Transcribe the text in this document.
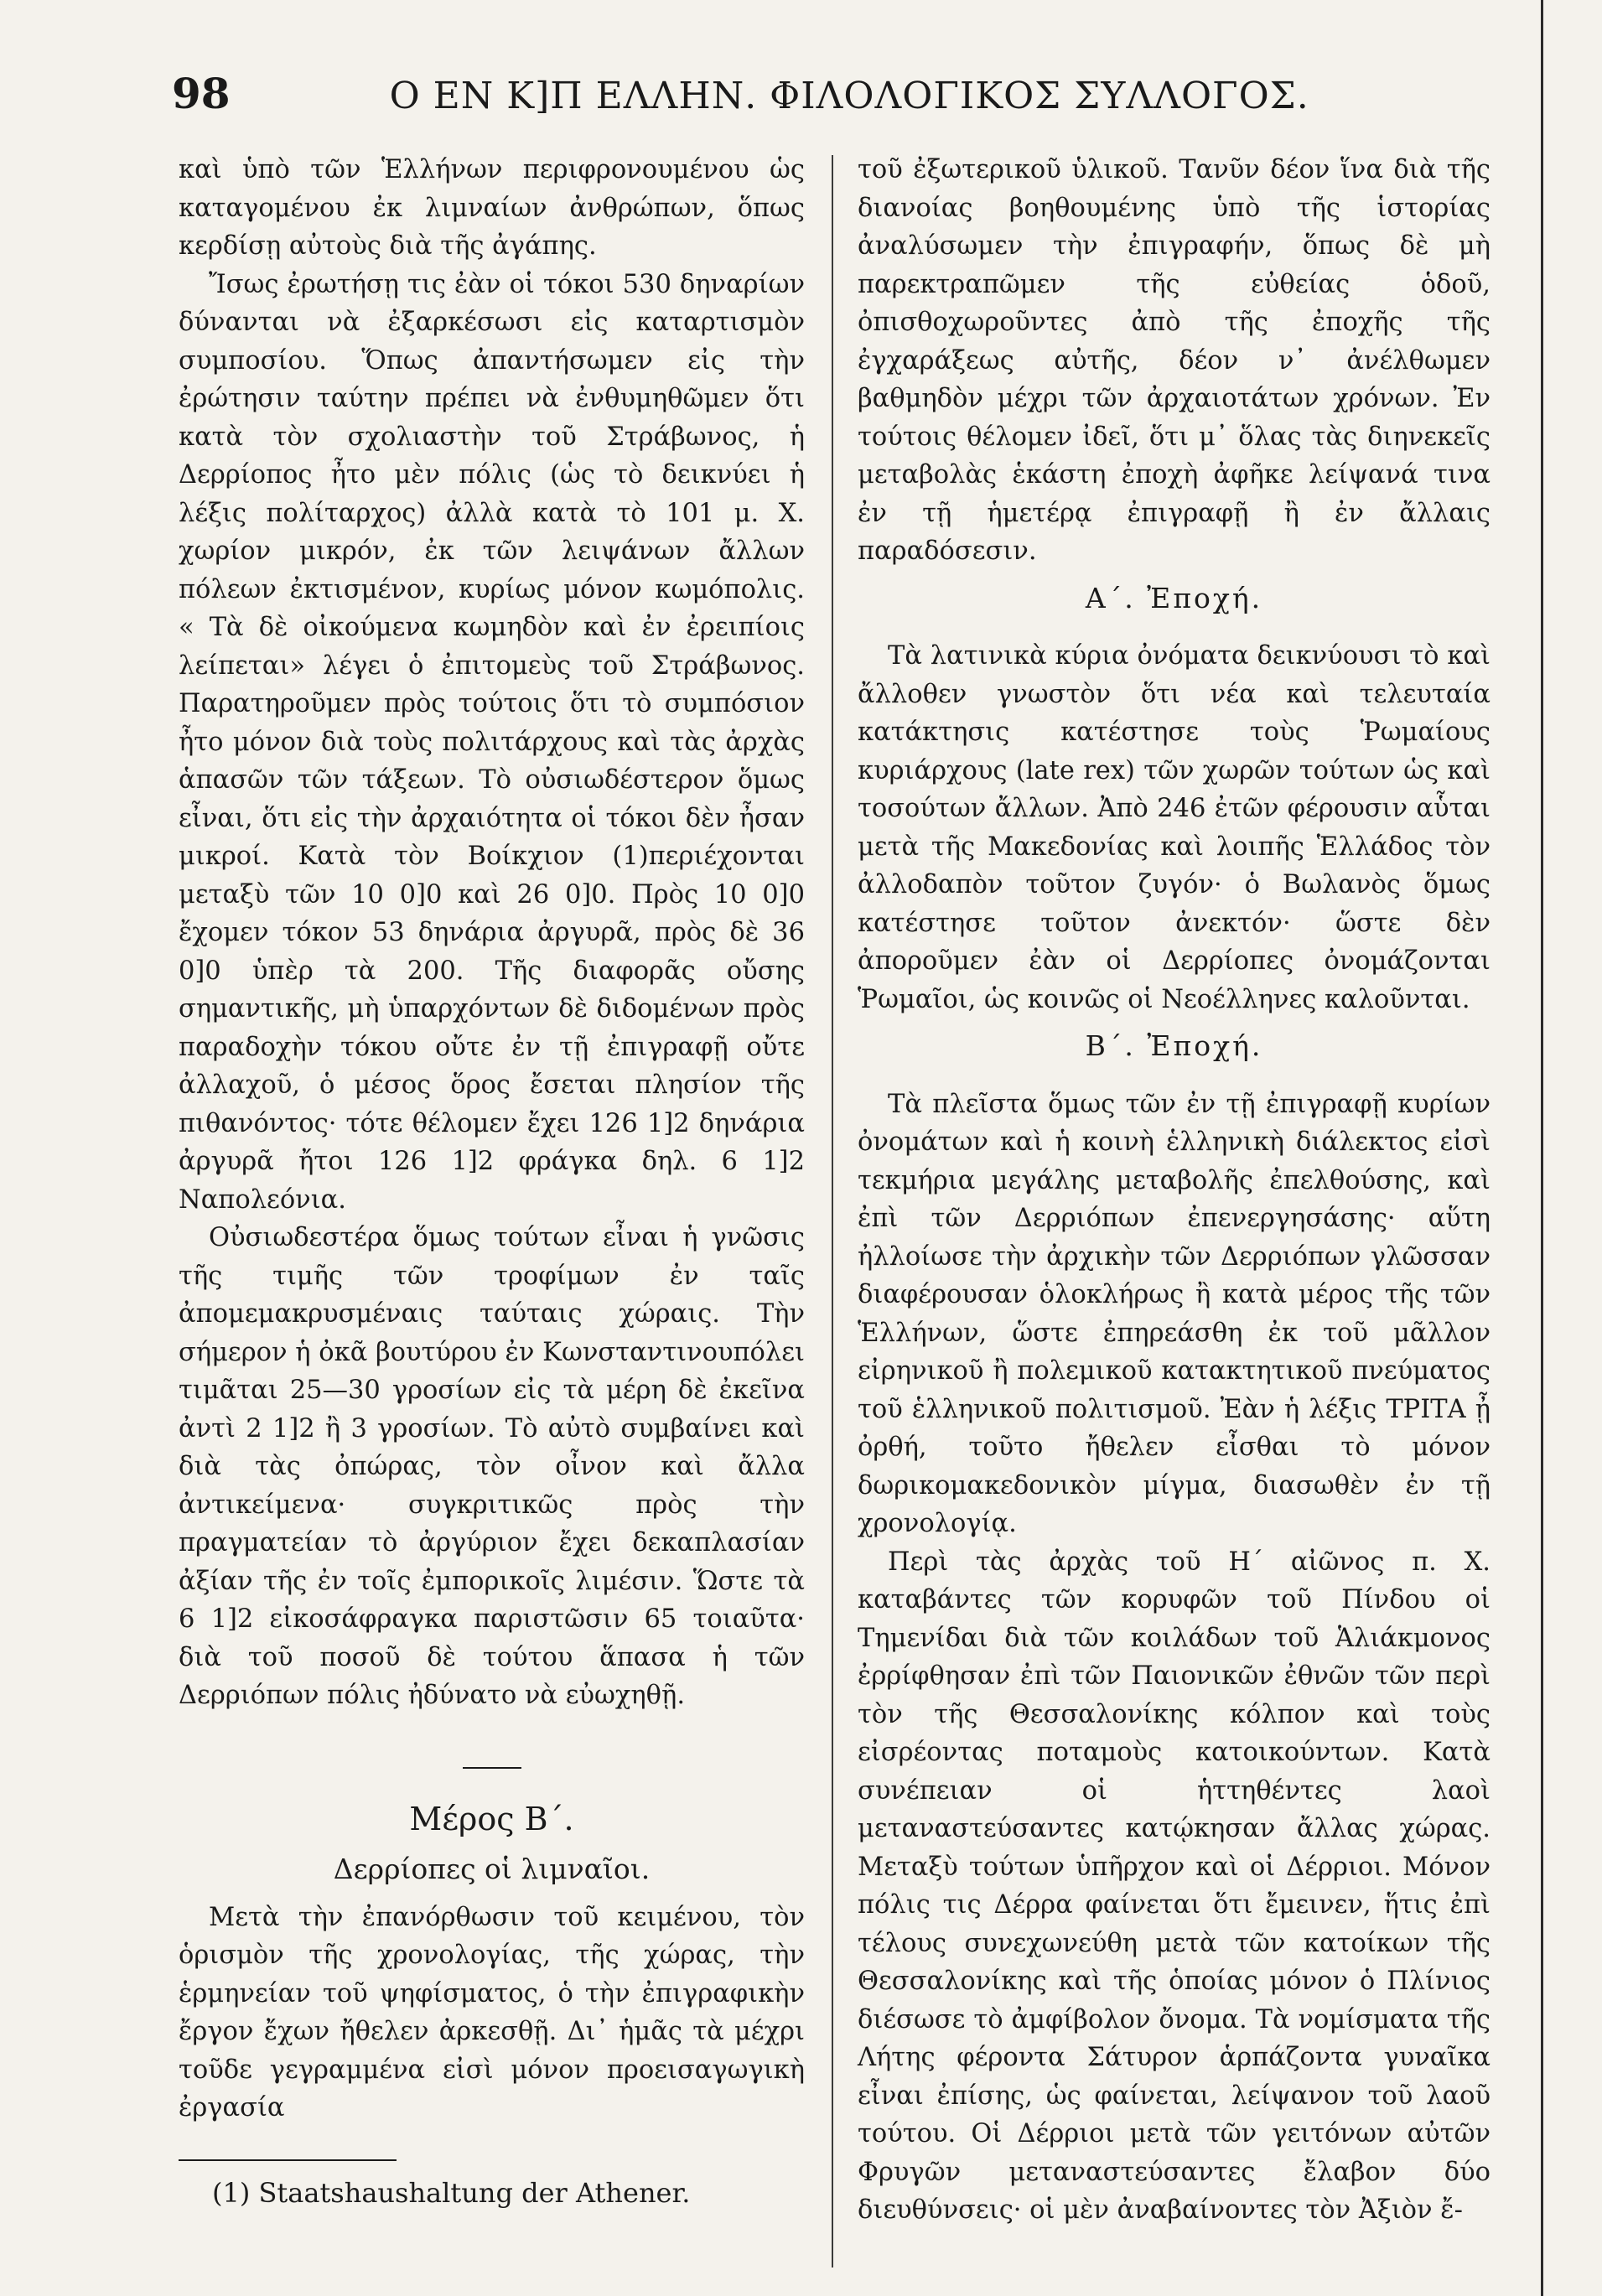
98	Ο ΕΝ Κ]Π ΕΛΛΗΝ. ΦΙΛΟΛΟΓΙΚΟΣ ΣΥΛΛΟΓΟΣ.

καὶ ὑπὸ τῶν Ἑλλήνων περιφρονουμένου ὡς καταγομένου ἐκ λιμναίων ἀνθρώπων, ὅπως κερδίσῃ αὐτοὺς διὰ τῆς ἀγάπης.

Ἴσως ἐρωτήσῃ τις ἐὰν οἱ τόκοι 530 δηναρίων δύνανται νὰ ἐξαρκέσωσι εἰς καταρτισμὸν συμποσίου. Ὅπως ἀπαντήσωμεν εἰς τὴν ἐρώτησιν ταύτην πρέπει νὰ ἐνθυμηθῶμεν ὅτι κατὰ τὸν σχολιαστὴν τοῦ Στράβωνος, ἡ Δερρίοπος ἦτο μὲν πόλις (ὡς τὸ δεικνύει ἡ λέξις πολίταρχος) ἀλλὰ κατὰ τὸ 101 μ. Χ. χωρίον μικρόν, ἐκ τῶν λειψάνων ἄλλων πόλεων ἐκτισμένον, κυρίως μόνον κωμόπολις. « Τὰ δὲ οἰκούμενα κωμηδὸν καὶ ἐν ἐρειπίοις λείπεται» λέγει ὁ ἐπιτομεὺς τοῦ Στράβωνος. Παρατηροῦμεν πρὸς τούτοις ὅτι τὸ συμπόσιον ἦτο μόνον διὰ τοὺς πολιτάρχους καὶ τὰς ἀρχὰς ἁπασῶν τῶν τάξεων. Τὸ οὐσιωδέστερον ὅμως εἶναι, ὅτι εἰς τὴν ἀρχαιότητα οἱ τόκοι δὲν ἦσαν μικροί. Κατὰ τὸν Βοίκχιον (1)περιέχονται μεταξὺ τῶν 10 0]0 καὶ 26 0]0. Πρὸς 10 0]0 ἔχομεν τόκον 53 δηνάρια ἀργυρᾶ, πρὸς δὲ 36 0]0 ὑπὲρ τὰ 200. Τῆς διαφορᾶς οὔσης σημαντικῆς, μὴ ὑπαρχόντων δὲ διδομένων πρὸς παραδοχὴν τόκου οὔτε ἐν τῇ ἐπιγραφῇ οὔτε ἀλλαχοῦ, ὁ μέσος ὅρος ἔσεται πλησίον τῆς πιθανόντος· τότε θέλομεν ἔχει 126 1]2 δηνάρια ἀργυρᾶ ἤτοι 126 1]2 φράγκα δηλ. 6 1]2 Ναπολεόνια.

Οὐσιωδεστέρα ὅμως τούτων εἶναι ἡ γνῶσις τῆς τιμῆς τῶν τροφίμων ἐν ταῖς ἀπομεμακρυσμέναις ταύταις χώραις. Τὴν σήμερον ἡ ὀκᾶ βουτύρου ἐν Κωνσταντινουπόλει τιμᾶται 25—30 γροσίων εἰς τὰ μέρη δὲ ἐκεῖνα ἀντὶ 2 1]2 ἢ 3 γροσίων. Τὸ αὐτὸ συμβαίνει καὶ διὰ τὰς ὀπώρας, τὸν οἶνον καὶ ἄλλα ἀντικείμενα· συγκριτικῶς πρὸς τὴν πραγματείαν τὸ ἀργύριον ἔχει δεκαπλασίαν ἀξίαν τῆς ἐν τοῖς ἐμπορικοῖς λιμέσιν. Ὥστε τὰ 6 1]2 εἰκοσάφραγκα παριστῶσιν 65 τοιαῦτα· διὰ τοῦ ποσοῦ δὲ τούτου ἅπασα ἡ τῶν Δερριόπων πόλις ἠδύνατο νὰ εὐωχηθῇ.

Μέρος Β΄.
Δερρίοπες οἱ λιμναῖοι.

Μετὰ τὴν ἐπανόρθωσιν τοῦ κειμένου, τὸν ὁρισμὸν τῆς χρονολογίας, τῆς χώρας, τὴν ἑρμηνείαν τοῦ ψηφίσματος, ὁ τὴν ἐπιγραφικὴν ἔργον ἔχων ἤθελεν ἀρκεσθῇ. Δι᾽ ἡμᾶς τὰ μέχρι τοῦδε γεγραμμένα εἰσὶ μόνον προεισαγωγικὴ ἐργασία

(1) Staatshaushaltung der Athener.

τοῦ ἐξωτερικοῦ ὑλικοῦ. Τανῦν δέον ἵνα διὰ τῆς διανοίας βοηθουμένης ὑπὸ τῆς ἱστορίας ἀναλύσωμεν τὴν ἐπιγραφήν, ὅπως δὲ μὴ παρεκτραπῶμεν τῆς εὐθείας ὁδοῦ, ὀπισθοχωροῦντες ἀπὸ τῆς ἐποχῆς τῆς ἐγχαράξεως αὐτῆς, δέον ν᾽ ἀνέλθωμεν βαθμηδὸν μέχρι τῶν ἀρχαιοτάτων χρόνων. Ἐν τούτοις θέλομεν ἰδεῖ, ὅτι μ᾽ ὅλας τὰς διηνεκεῖς μεταβολὰς ἑκάστη ἐποχὴ ἀφῆκε λείψανά τινα ἐν τῇ ἡμετέρᾳ ἐπιγραφῇ ἢ ἐν ἄλλαις παραδόσεσιν.

Α΄. Ἐποχή.

Τὰ λατινικὰ κύρια ὀνόματα δεικνύουσι τὸ καὶ ἄλλοθεν γνωστὸν ὅτι νέα καὶ τελευταία κατάκτησις κατέστησε τοὺς Ῥωμαίους κυριάρχους (late rex) τῶν χωρῶν τούτων ὡς καὶ τοσούτων ἄλλων. Ἀπὸ 246 ἐτῶν φέρουσιν αὗται μετὰ τῆς Μακεδονίας καὶ λοιπῆς Ἑλλάδος τὸν ἀλλοδαπὸν τοῦτον ζυγόν· ὁ Βωλανὸς ὅμως κατέστησε τοῦτον ἀνεκτόν· ὥστε δὲν ἀποροῦμεν ἐὰν οἱ Δερρίοπες ὀνομάζονται Ῥωμαῖοι, ὡς κοινῶς οἱ Νεοέλληνες καλοῦνται.

Β΄. Ἐποχή.

Τὰ πλεῖστα ὅμως τῶν ἐν τῇ ἐπιγραφῇ κυρίων ὀνομάτων καὶ ἡ κοινὴ ἑλληνικὴ διάλεκτος εἰσὶ τεκμήρια μεγάλης μεταβολῆς ἐπελθούσης, καὶ ἐπὶ τῶν Δερριόπων ἐπενεργησάσης· αὕτη ἠλλοίωσε τὴν ἀρχικὴν τῶν Δερριόπων γλῶσσαν διαφέρουσαν ὁλοκλήρως ἢ κατὰ μέρος τῆς τῶν Ἑλλήνων, ὥστε ἐπηρεάσθη ἐκ τοῦ μᾶλλον εἰρηνικοῦ ἢ πολεμικοῦ κατακτητικοῦ πνεύματος τοῦ ἑλληνικοῦ πολιτισμοῦ. Ἐὰν ἡ λέξις ΤΡΙΤΑ ᾖ ὀρθή, τοῦτο ἤθελεν εἶσθαι τὸ μόνον δωρικομακεδονικὸν μίγμα, διασωθὲν ἐν τῇ χρονολογίᾳ.

Περὶ τὰς ἀρχὰς τοῦ Η΄ αἰῶνος π. Χ. καταβάντες τῶν κορυφῶν τοῦ Πίνδου οἱ Τημενίδαι διὰ τῶν κοιλάδων τοῦ Ἁλιάκμονος ἐρρίφθησαν ἐπὶ τῶν Παιονικῶν ἐθνῶν τῶν περὶ τὸν τῆς Θεσσαλονίκης κόλπον καὶ τοὺς εἰσρέοντας ποταμοὺς κατοικούντων. Κατὰ συνέπειαν οἱ ἡττηθέντες λαοὶ μεταναστεύσαντες κατῴκησαν ἄλλας χώρας. Μεταξὺ τούτων ὑπῆρχον καὶ οἱ Δέρριοι. Μόνον πόλις τις Δέρρα φαίνεται ὅτι ἔμεινεν, ἥτις ἐπὶ τέλους συνεχωνεύθη μετὰ τῶν κατοίκων τῆς Θεσσαλονίκης καὶ τῆς ὁποίας μόνον ὁ Πλίνιος διέσωσε τὸ ἀμφίβολον ὄνομα. Τὰ νομίσματα τῆς Λήτης φέροντα Σάτυρον ἁρπάζοντα γυναῖκα εἶναι ἐπίσης, ὡς φαίνεται, λείψανον τοῦ λαοῦ τούτου. Οἱ Δέρριοι μετὰ τῶν γειτόνων αὐτῶν Φρυγῶν μεταναστεύσαντες ἔλαβον δύο διευθύνσεις· οἱ μὲν ἀναβαίνοντες τὸν Ἀξιὸν ἔ-
